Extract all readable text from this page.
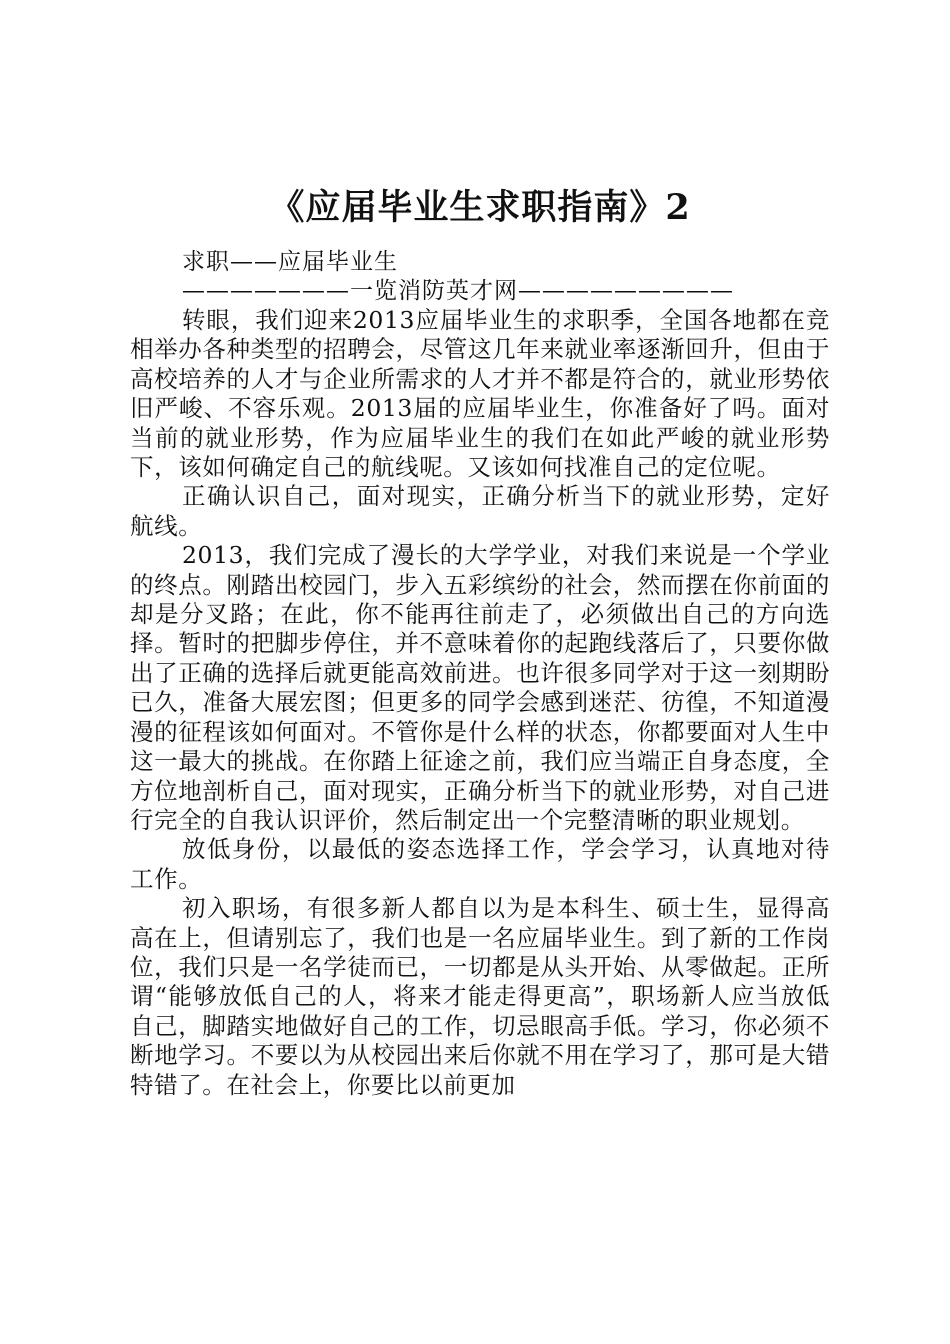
《应届毕业生求职指南》2

求职——应届毕业生

———————一览消防英才网—————————

转眼，我们迎来2013应届毕业生的求职季，全国各地都在竞相举办各种类型的招聘会，尽管这几年来就业率逐渐回升，但由于高校培养的人才与企业所需求的人才并不都是符合的，就业形势依旧严峻、不容乐观。2013届的应届毕业生，你准备好了吗。面对当前的就业形势，作为应届毕业生的我们在如此严峻的就业形势下，该如何确定自己的航线呢。又该如何找准自己的定位呢。

正确认识自己，面对现实，正确分析当下的就业形势，定好航线。

2013，我们完成了漫长的大学学业，对我们来说是一个学业的终点。刚踏出校园门，步入五彩缤纷的社会，然而摆在你前面的却是分叉路；在此，你不能再往前走了，必须做出自己的方向选择。暂时的把脚步停住，并不意味着你的起跑线落后了，只要你做出了正确的选择后就更能高效前进。也许很多同学对于这一刻期盼已久，准备大展宏图；但更多的同学会感到迷茫、彷徨，不知道漫漫的征程该如何面对。不管你是什么样的状态，你都要面对人生中这一最大的挑战。在你踏上征途之前，我们应当端正自身态度，全方位地剖析自己，面对现实，正确分析当下的就业形势，对自己进行完全的自我认识评价，然后制定出一个完整清晰的职业规划。

放低身份，以最低的姿态选择工作，学会学习，认真地对待工作。

初入职场，有很多新人都自以为是本科生、硕士生，显得高高在上，但请别忘了，我们也是一名应届毕业生。到了新的工作岗位，我们只是一名学徒而已，一切都是从头开始、从零做起。正所谓“能够放低自己的人，将来才能走得更高”，职场新人应当放低自己，脚踏实地做好自己的工作，切忌眼高手低。学习，你必须不断地学习。不要以为从校园出来后你就不用在学习了，那可是大错特错了。在社会上，你要比以前更加
